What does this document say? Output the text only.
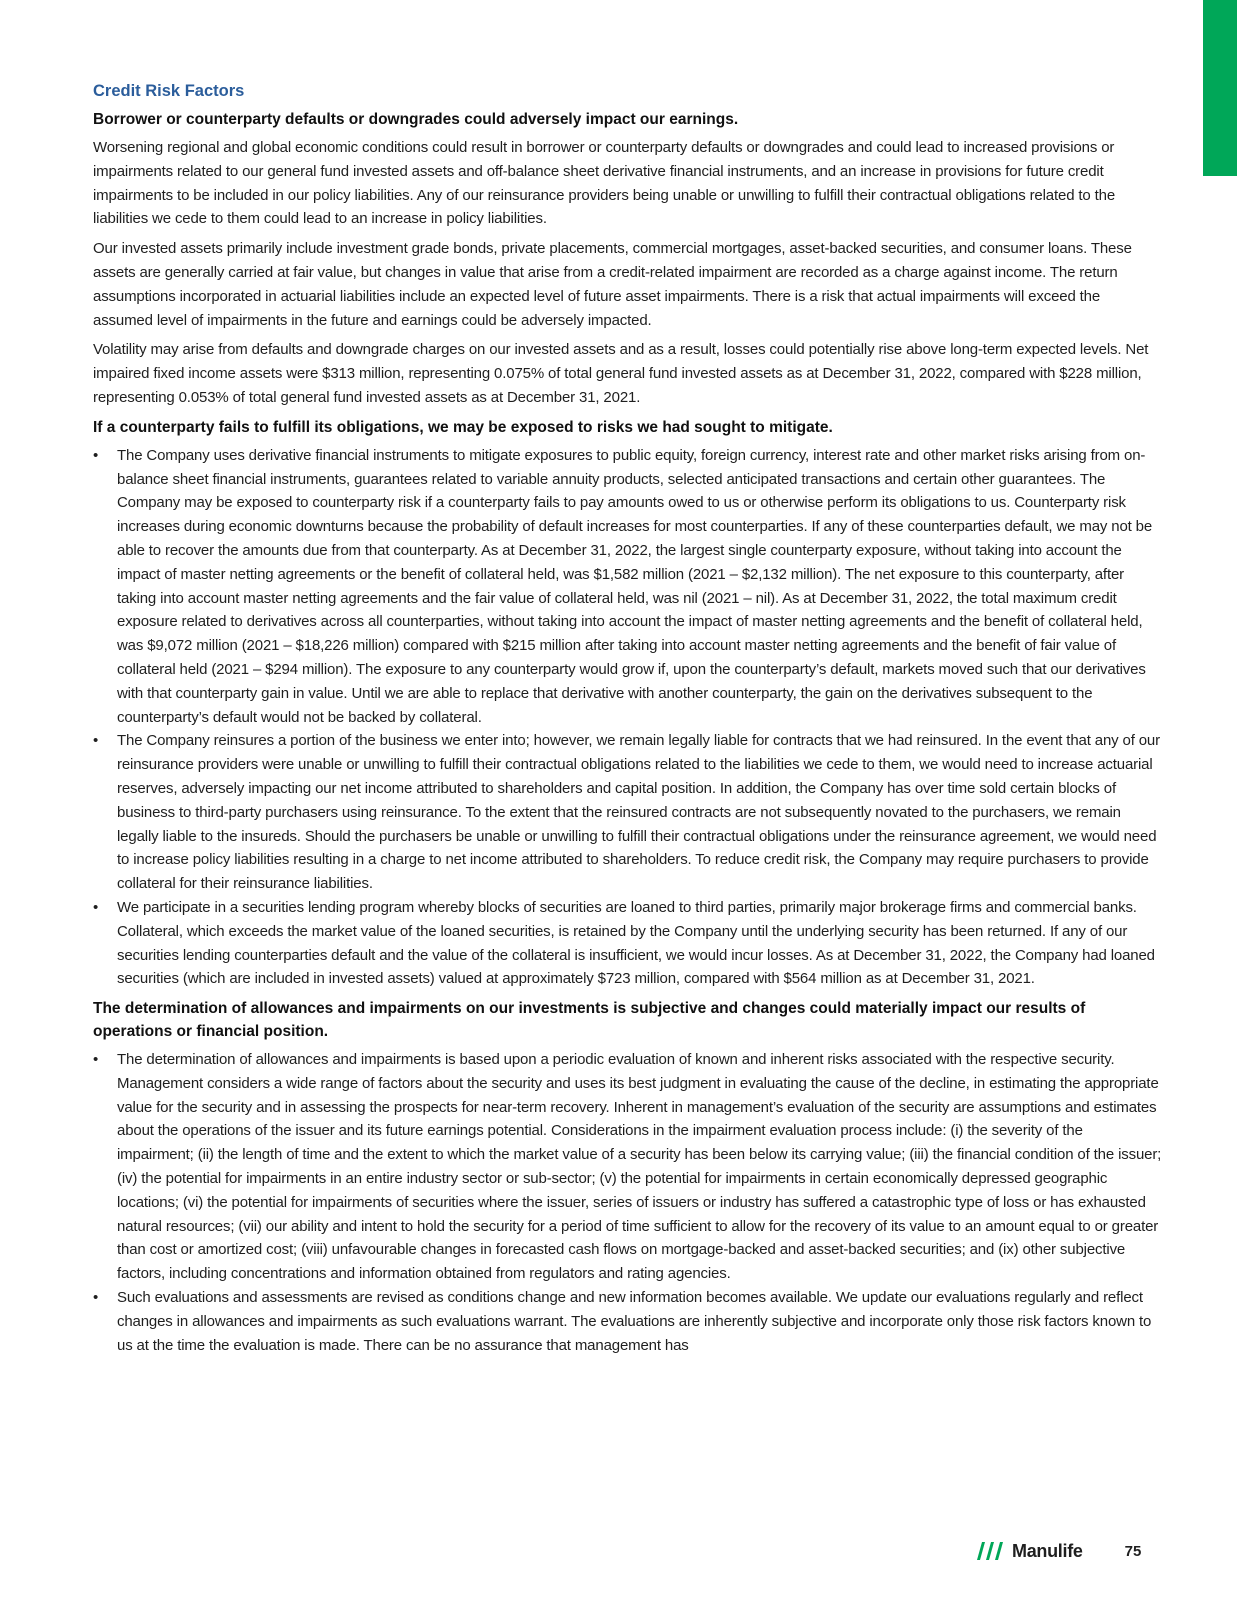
Credit Risk Factors
Borrower or counterparty defaults or downgrades could adversely impact our earnings.

Worsening regional and global economic conditions could result in borrower or counterparty defaults or downgrades and could lead to increased provisions or impairments related to our general fund invested assets and off-balance sheet derivative financial instruments, and an increase in provisions for future credit impairments to be included in our policy liabilities. Any of our reinsurance providers being unable or unwilling to fulfill their contractual obligations related to the liabilities we cede to them could lead to an increase in policy liabilities.

Our invested assets primarily include investment grade bonds, private placements, commercial mortgages, asset-backed securities, and consumer loans. These assets are generally carried at fair value, but changes in value that arise from a credit-related impairment are recorded as a charge against income. The return assumptions incorporated in actuarial liabilities include an expected level of future asset impairments. There is a risk that actual impairments will exceed the assumed level of impairments in the future and earnings could be adversely impacted.

Volatility may arise from defaults and downgrade charges on our invested assets and as a result, losses could potentially rise above long-term expected levels. Net impaired fixed income assets were $313 million, representing 0.075% of total general fund invested assets as at December 31, 2022, compared with $228 million, representing 0.053% of total general fund invested assets as at December 31, 2021.

If a counterparty fails to fulfill its obligations, we may be exposed to risks we had sought to mitigate.
• The Company uses derivative financial instruments to mitigate exposures to public equity, foreign currency, interest rate and other market risks arising from on-balance sheet financial instruments, guarantees related to variable annuity products, selected anticipated transactions and certain other guarantees. The Company may be exposed to counterparty risk if a counterparty fails to pay amounts owed to us or otherwise perform its obligations to us. Counterparty risk increases during economic downturns because the probability of default increases for most counterparties. If any of these counterparties default, we may not be able to recover the amounts due from that counterparty. As at December 31, 2022, the largest single counterparty exposure, without taking into account the impact of master netting agreements or the benefit of collateral held, was $1,582 million (2021 – $2,132 million). The net exposure to this counterparty, after taking into account master netting agreements and the fair value of collateral held, was nil (2021 – nil). As at December 31, 2022, the total maximum credit exposure related to derivatives across all counterparties, without taking into account the impact of master netting agreements and the benefit of collateral held, was $9,072 million (2021 – $18,226 million) compared with $215 million after taking into account master netting agreements and the benefit of fair value of collateral held (2021 – $294 million). The exposure to any counterparty would grow if, upon the counterparty’s default, markets moved such that our derivatives with that counterparty gain in value. Until we are able to replace that derivative with another counterparty, the gain on the derivatives subsequent to the counterparty’s default would not be backed by collateral.
• The Company reinsures a portion of the business we enter into; however, we remain legally liable for contracts that we had reinsured. In the event that any of our reinsurance providers were unable or unwilling to fulfill their contractual obligations related to the liabilities we cede to them, we would need to increase actuarial reserves, adversely impacting our net income attributed to shareholders and capital position. In addition, the Company has over time sold certain blocks of business to third-party purchasers using reinsurance. To the extent that the reinsured contracts are not subsequently novated to the purchasers, we remain legally liable to the insureds. Should the purchasers be unable or unwilling to fulfill their contractual obligations under the reinsurance agreement, we would need to increase policy liabilities resulting in a charge to net income attributed to shareholders. To reduce credit risk, the Company may require purchasers to provide collateral for their reinsurance liabilities.
• We participate in a securities lending program whereby blocks of securities are loaned to third parties, primarily major brokerage firms and commercial banks. Collateral, which exceeds the market value of the loaned securities, is retained by the Company until the underlying security has been returned. If any of our securities lending counterparties default and the value of the collateral is insufficient, we would incur losses. As at December 31, 2022, the Company had loaned securities (which are included in invested assets) valued at approximately $723 million, compared with $564 million as at December 31, 2021.
The determination of allowances and impairments on our investments is subjective and changes could materially impact our results of operations or financial position.
• The determination of allowances and impairments is based upon a periodic evaluation of known and inherent risks associated with the respective security. Management considers a wide range of factors about the security and uses its best judgment in evaluating the cause of the decline, in estimating the appropriate value for the security and in assessing the prospects for near-term recovery. Inherent in management’s evaluation of the security are assumptions and estimates about the operations of the issuer and its future earnings potential. Considerations in the impairment evaluation process include: (i) the severity of the impairment; (ii) the length of time and the extent to which the market value of a security has been below its carrying value; (iii) the financial condition of the issuer; (iv) the potential for impairments in an entire industry sector or sub-sector; (v) the potential for impairments in certain economically depressed geographic locations; (vi) the potential for impairments of securities where the issuer, series of issuers or industry has suffered a catastrophic type of loss or has exhausted natural resources; (vii) our ability and intent to hold the security for a period of time sufficient to allow for the recovery of its value to an amount equal to or greater than cost or amortized cost; (viii) unfavourable changes in forecasted cash flows on mortgage-backed and asset-backed securities; and (ix) other subjective factors, including concentrations and information obtained from regulators and rating agencies.
• Such evaluations and assessments are revised as conditions change and new information becomes available. We update our evaluations regularly and reflect changes in allowances and impairments as such evaluations warrant. The evaluations are inherently subjective and incorporate only those risk factors known to us at the time the evaluation is made. There can be no assurance that management has
Manulife	75
